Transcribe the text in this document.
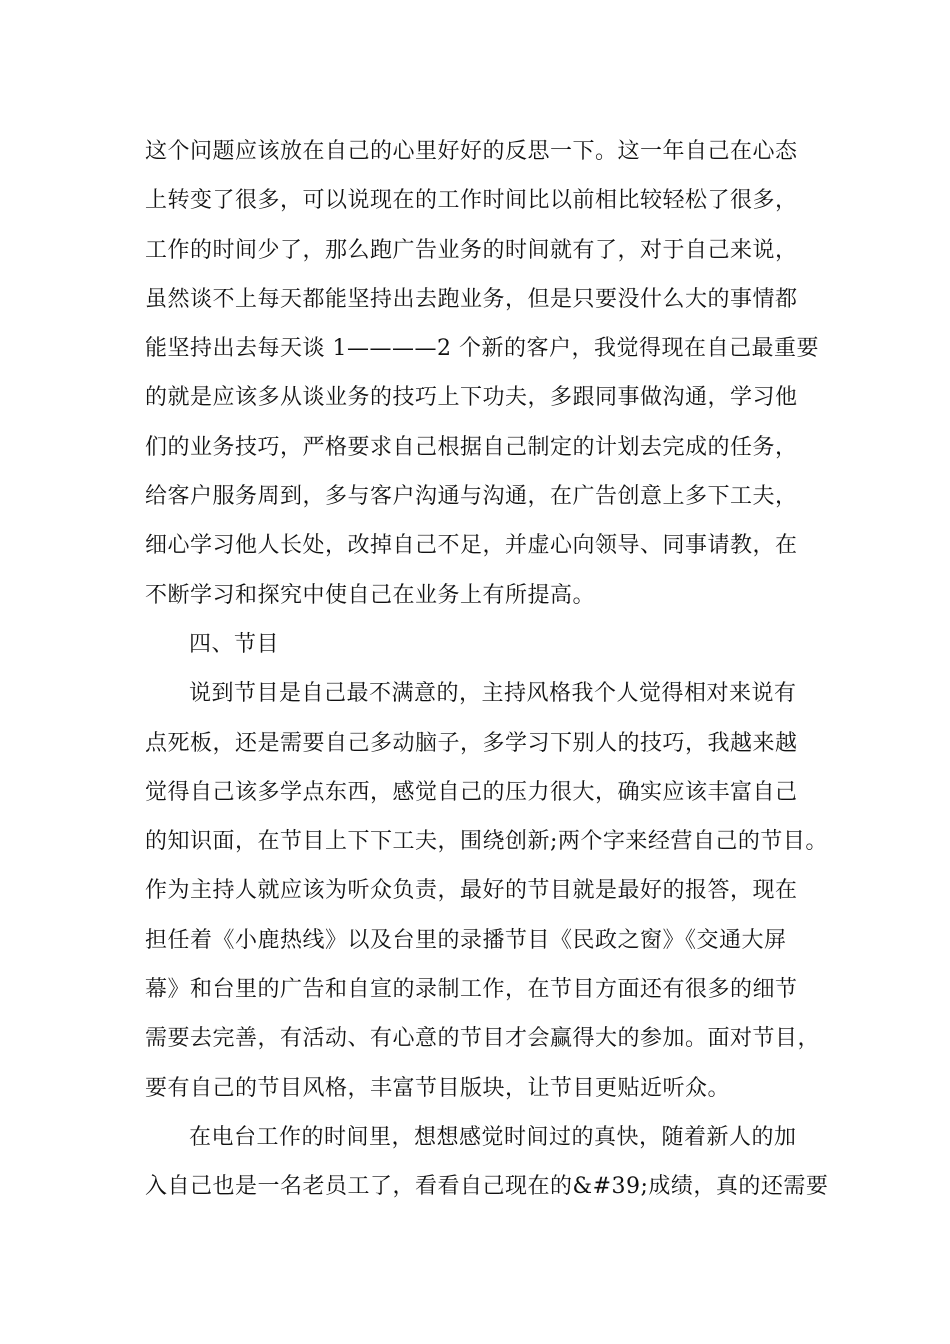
这个问题应该放在自己的心里好好的反思一下。这一年自己在心态
上转变了很多，可以说现在的工作时间比以前相比较轻松了很多，
工作的时间少了，那么跑广告业务的时间就有了，对于自己来说，
虽然谈不上每天都能坚持出去跑业务，但是只要没什么大的事情都
能坚持出去每天谈 1————2 个新的客户，我觉得现在自己最重要
的就是应该多从谈业务的技巧上下功夫，多跟同事做沟通，学习他
们的业务技巧，严格要求自己根据自己制定的计划去完成的任务，
给客户服务周到，多与客户沟通与沟通，在广告创意上多下工夫，
细心学习他人长处，改掉自己不足，并虚心向领导、同事请教，在
不断学习和探究中使自己在业务上有所提高。
四、节目
说到节目是自己最不满意的，主持风格我个人觉得相对来说有
点死板，还是需要自己多动脑子，多学习下别人的技巧，我越来越
觉得自己该多学点东西，感觉自己的压力很大，确实应该丰富自己
的知识面，在节目上下下工夫，围绕创新;两个字来经营自己的节目。
作为主持人就应该为听众负责，最好的节目就是最好的报答，现在
担任着《小鹿热线》以及台里的录播节目《民政之窗》《交通大屏
幕》和台里的广告和自宣的录制工作，在节目方面还有很多的细节
需要去完善，有活动、有心意的节目才会赢得大的参加。面对节目，
要有自己的节目风格，丰富节目版块，让节目更贴近听众。
在电台工作的时间里，想想感觉时间过的真快，随着新人的加
入自己也是一名老员工了，看看自己现在的&#39;成绩，真的还需要
